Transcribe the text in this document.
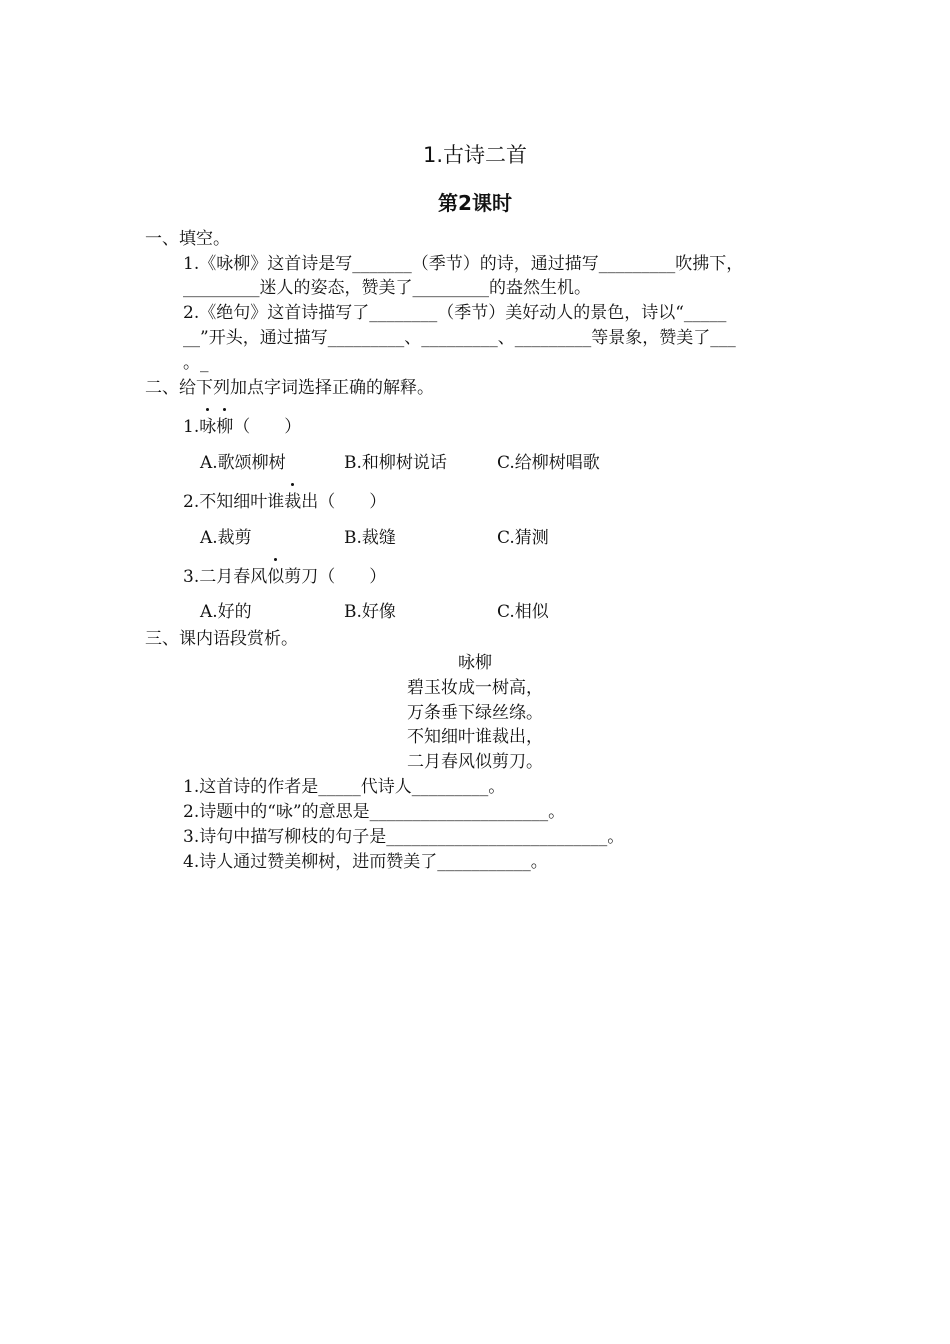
1.古诗二首
第2课时
一、填空。
1.《咏柳》这首诗是写_______（季节）的诗，通过描写_________吹拂下，
_________迷人的姿态，赞美了_________的盎然生机。
2.《绝句》这首诗描写了________（季节）美好动人的景色，诗以“_____
__”开头，通过描写_________、_________、_________等景象，赞美了___
。_
二、给下列加点字词选择正确的解释。
1.咏柳（　　）
A.歌颂柳树	B.和柳树说话	C.给柳树唱歌
2.不知细叶谁裁出（　　）
A.裁剪	B.裁缝	C.猜测
3.二月春风似剪刀（　　）
A.好的	B.好像	C.相似
三、课内语段赏析。
咏柳
碧玉妆成一树高，
万条垂下绿丝绦。
不知细叶谁裁出，
二月春风似剪刀。
1.这首诗的作者是_____代诗人_________。
2.诗题中的“咏”的意思是_____________________。
3.诗句中描写柳枝的句子是__________________________。
4.诗人通过赞美柳树，进而赞美了___________。
